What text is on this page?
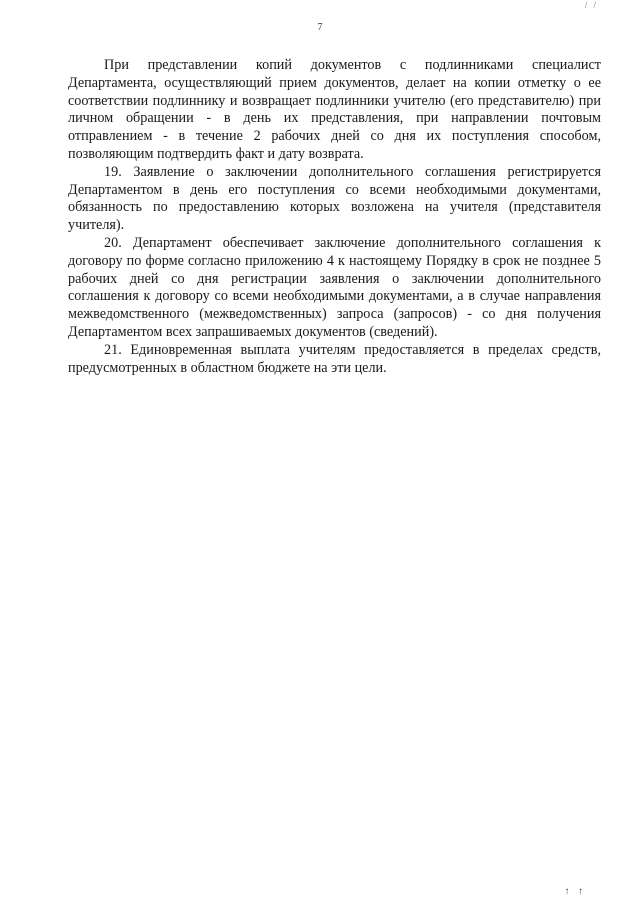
/ /
7

При представлении копий документов с подлинниками специалист Департамента, осуществляющий прием документов, делает на копии отметку о ее соответствии подлиннику и возвращает подлинники учителю (его представителю) при личном обращении - в день их представления, при направлении почтовым отправлением - в течение 2 рабочих дней со дня их поступления способом, позволяющим подтвердить факт и дату возврата.

19. Заявление о заключении дополнительного соглашения регистрируется Департаментом в день его поступления со всеми необходимыми документами, обязанность по предоставлению которых возложена на учителя (представителя учителя).

20. Департамент обеспечивает заключение дополнительного соглашения к договору по форме согласно приложению 4 к настоящему Порядку в срок не позднее 5 рабочих дней со дня регистрации заявления о заключении дополнительного соглашения к договору со всеми необходимыми документами, а в случае направления межведомственного (межведомственных) запроса (запросов) - со дня получения Департаментом всех запрашиваемых документов (сведений).

21. Единовременная выплата учителям предоставляется в пределах средств, предусмотренных в областном бюджете на эти цели.

↑ ↑
